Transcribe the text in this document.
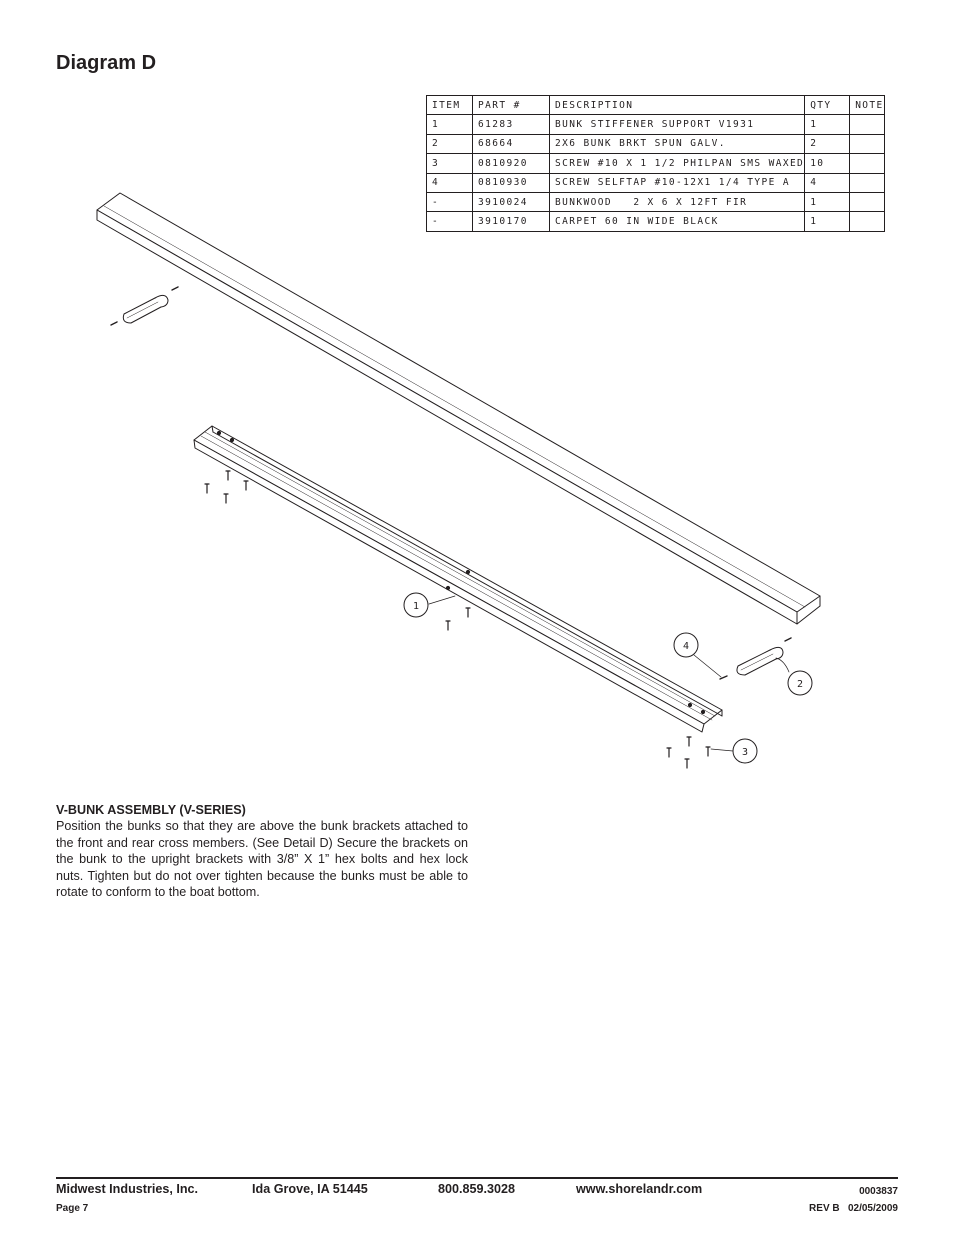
Diagram D
ITEM	PART #	DESCRIPTION	QTY	NOTE
1	61283	BUNK STIFFENER SUPPORT V1931	1	
2	68664	2X6 BUNK BRKT SPUN GALV.	2	
3	0810920	SCREW #10 X 1 1/2 PHILPAN SMS WAXED	10	
4	0810930	SCREW SELFTAP #10-12X1 1/4 TYPE A	4	
-	3910024	BUNKWOOD   2 X 6 X 12FT FIR	1	
-	3910170	CARPET 60 IN WIDE BLACK	1	
1
2
3
4
V-BUNK ASSEMBLY (V-SERIES)

Position the bunks so that they are above the bunk brackets attached to the front and rear cross members. (See Detail D) Secure the brackets on the bunk to the upright brackets with 3/8” X 1” hex bolts and hex lock nuts. Tighten but do not over tighten because the bunks must be able to rotate to conform to the boat bottom.

Midwest Industries, Inc.	Ida Grove, IA 51445	800.859.3028	www.shorelandr.com	0003837
Page 7	REV B   02/05/2009
